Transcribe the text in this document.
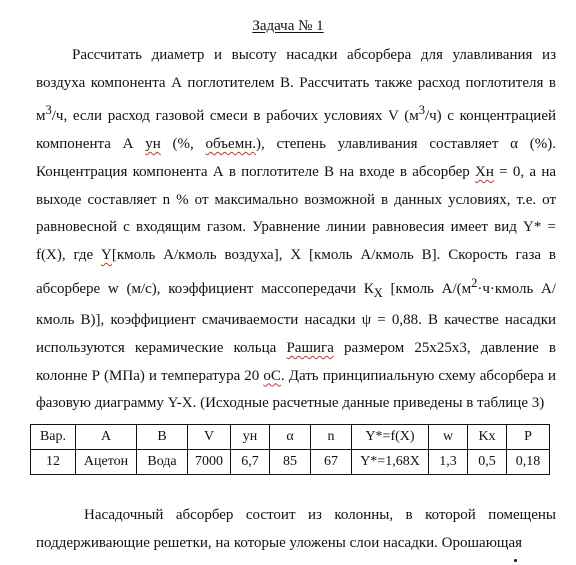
Задача № 1

Рассчитать диаметр и высоту насадки абсорбера для улавливания из воздуха компонента А поглотителем В. Рассчитать также расход поглотителя в $м^3/ч$, если расход газовой смеси в рабочих условиях V $(м^3/ч)$ с концентрацией компонента А ун (%, объемн.), степень улавливания составляет α (%). Концентрация компонента А в поглотителе В на входе в абсорбер Хн = 0, а на выходе составляет n % от максимально возможной в данных условиях, т.е. от равновесной с входящим газом. Уравнение линии равновесия имеет вид Y* = f(X), где Y[кмоль А/кмоль воздуха], X [кмоль А/кмоль В]. Скорость газа в абсорбере w (м/с), коэффициент массопередачи $К_Х$ [кмоль $А/(м^2\cdot ч\cdot кмоль$ А/кмоль В)], коэффициент смачиваемости насадки ψ = 0,88. В качестве насадки используются керамические кольца Рашига размером 25х25х3, давление в колонне Р (МПа) и температура 20 оС. Дать принципиальную схему абсорбера и фазовую диаграмму Y-X. (Исходные расчетные данные приведены в таблице 3)

Вар.	A	B	V	yн	α	n	Y*=f(X)	w	Kх	P
12	Ацетон	Вода	7000	6,7	85	67	Y*=1,68X	1,3	0,5	0,18

Насадочный абсорбер состоит из колонны, в которой помещены поддерживающие решетки, на которые уложены слои насадки. Орошающая
